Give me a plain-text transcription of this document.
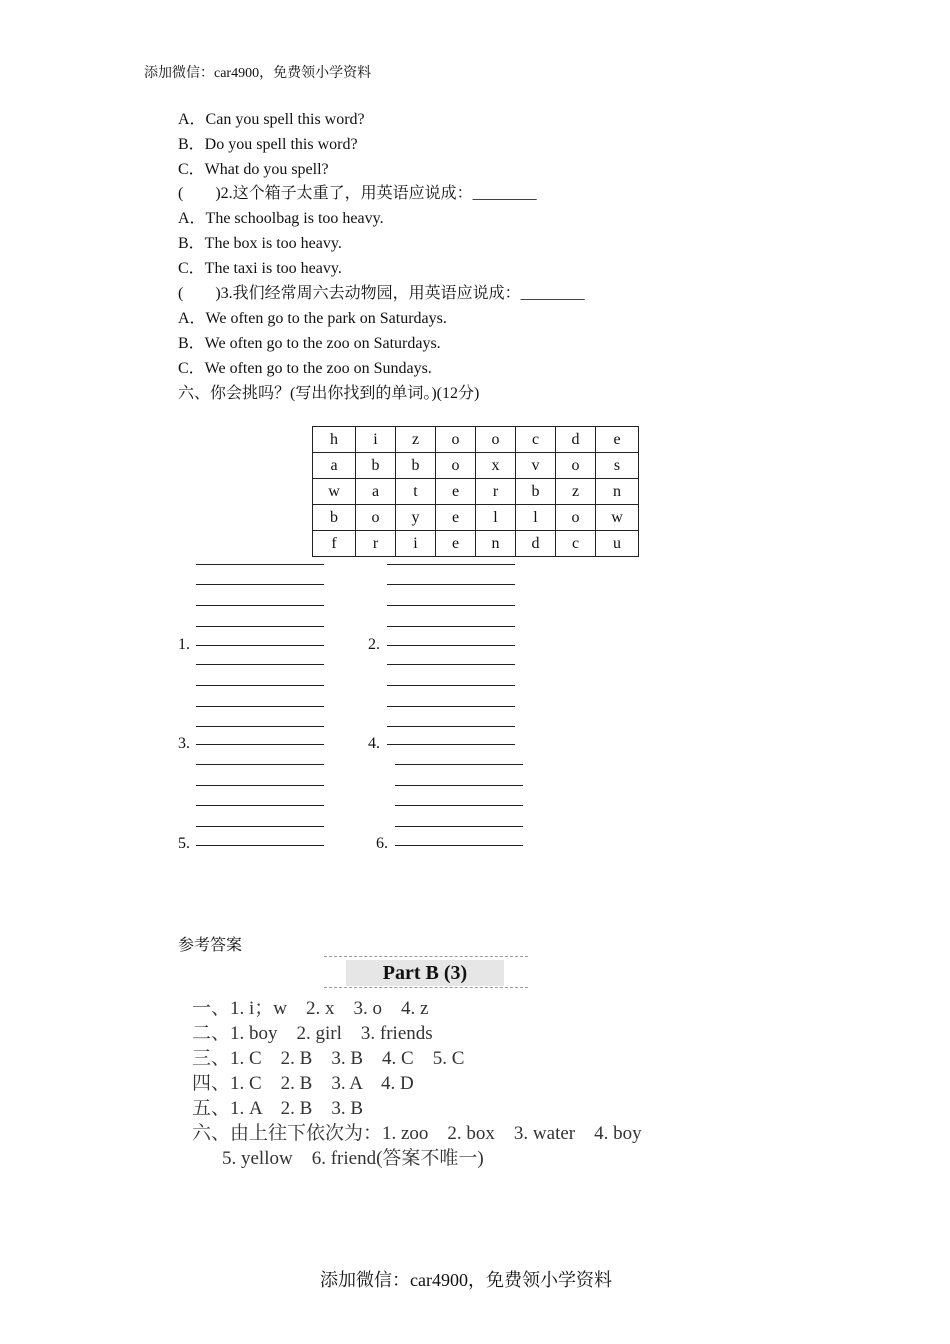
添加微信：car4900，免费领小学资料
A．Can you spell this word?
B．Do you spell this word?
C．What do you spell?
(　　)2.这个箱子太重了，用英语应说成：________
A．The schoolbag is too heavy.
B．The box is too heavy.
C．The taxi is too heavy.
(　　)3.我们经常周六去动物园，用英语应说成：________
A．We often go to the park on Saturdays.
B．We often go to the zoo on Saturdays.
C．We often go to the zoo on Sundays.
六、你会挑吗？(写出你找到的单词。)(12分)
h	i	z	o	o	c	d	e
a	b	b	o	x	v	o	s
w	a	t	e	r	b	z	n
b	o	y	e	l	l	o	w
f	r	i	e	n	d	c	u
1.	2.
3.	4.
5.	6.
参考答案
Part B (3)
一、1. i；w　2. x　3. o　4. z
二、1. boy　2. girl　3. friends
三、1. C　2. B　3. B　4. C　5. C
四、1. C　2. B　3. A　4. D
五、1. A　2. B　3. B
六、由上往下依次为：1. zoo　2. box　3. water　4. boy
5. yellow　6. friend(答案不唯一)
添加微信：car4900，免费领小学资料
